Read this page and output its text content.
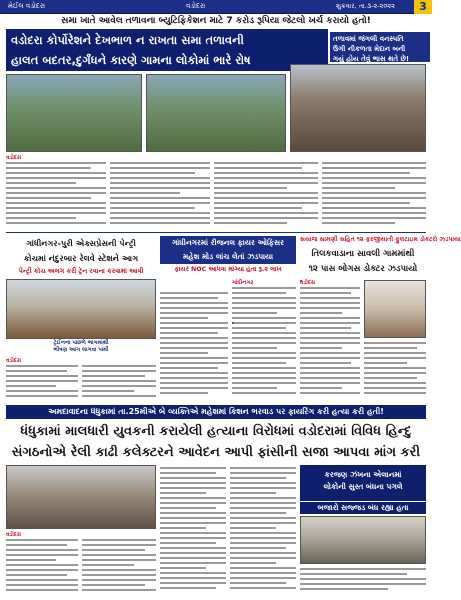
મેઈલ વડોદરા	વડોદરા	શુક્રવાર, તા.૩-૨-૨૦૨૨	3
સમા ખાતે આવેલ તળાવના બ્યુટિફિકેશન માટે 7 કરોડ રૂપિયા જેટલો ખર્ચ કરાયો હતો!
વડોદરા કોર્પોરેશને દેખભાળ ન રાખતા સમા તળાવની
હાલત બદતર,દુર્ગંધને કારણે ગામના લોકોમાં ભારે રોષ
તળાવમાં જંગલી વનસ્પતિ
ઉગી નીકળતા મેદાન બની
ગયું હોય તેવું ભાસ થતે છે!
વડોદરા
ગાંધીનગર-પુરી એક્સપ્રેસની પેન્ટ્રી
કોચમાં નંદુરબાર રેલવે સ્ટેશને આગ
પેન્ટ્રી કોચ અલગ કરી ટ્રેન રવાના કરવામાં આવી
ટ્રેઈનના પાછળે ભાગમાંથી
ભીષણ આગ લાગવા પામી
વડોદરા
ગાંધીનગરમાં રીજનલ ફાયર ઓફિસર
મહેશ મોડ લાંચ લેતાં ઝડપાયા
ફાયર NOC આપવા માંગ્યા હતા રૂ.૨ લાખ
ગાંધીનગર
સયાજ સામણી સહિત ૧૨ ફરજીયાતી ફુલટાઇમ ડોક્ટરો ઝડપાયા
તિલકવાડાના સાવલી ગામમાંથી
૧૨ પાસ બોગસ ડોક્ટર ઝડપાયો
વડોદરા
અમદાવાદના ધંધુકામાં તા.25મીએ બે વ્યક્તિએ મહેશમાં કિશન ભરવાડ પર ફાયરિંગ કરી હત્યા કરી હતી!
ધંધુકામાં માલધારી યુવકની કરાયેલી હત્યાના વિરોધમાં વડોદરામાં વિવિધ હિન્દુ
સંગઠનોએ રેલી કાઢી કલેક્ટરને આવેદન આપી ફાંસીની સજા આપવા માંગ કરી
વડોદરા
કરજણ ઝંખના એલાનમાં
લોકોની સુસ્ત બંધના પગલે
બજારો સજ્જડ બંધ રહ્યા હતા
